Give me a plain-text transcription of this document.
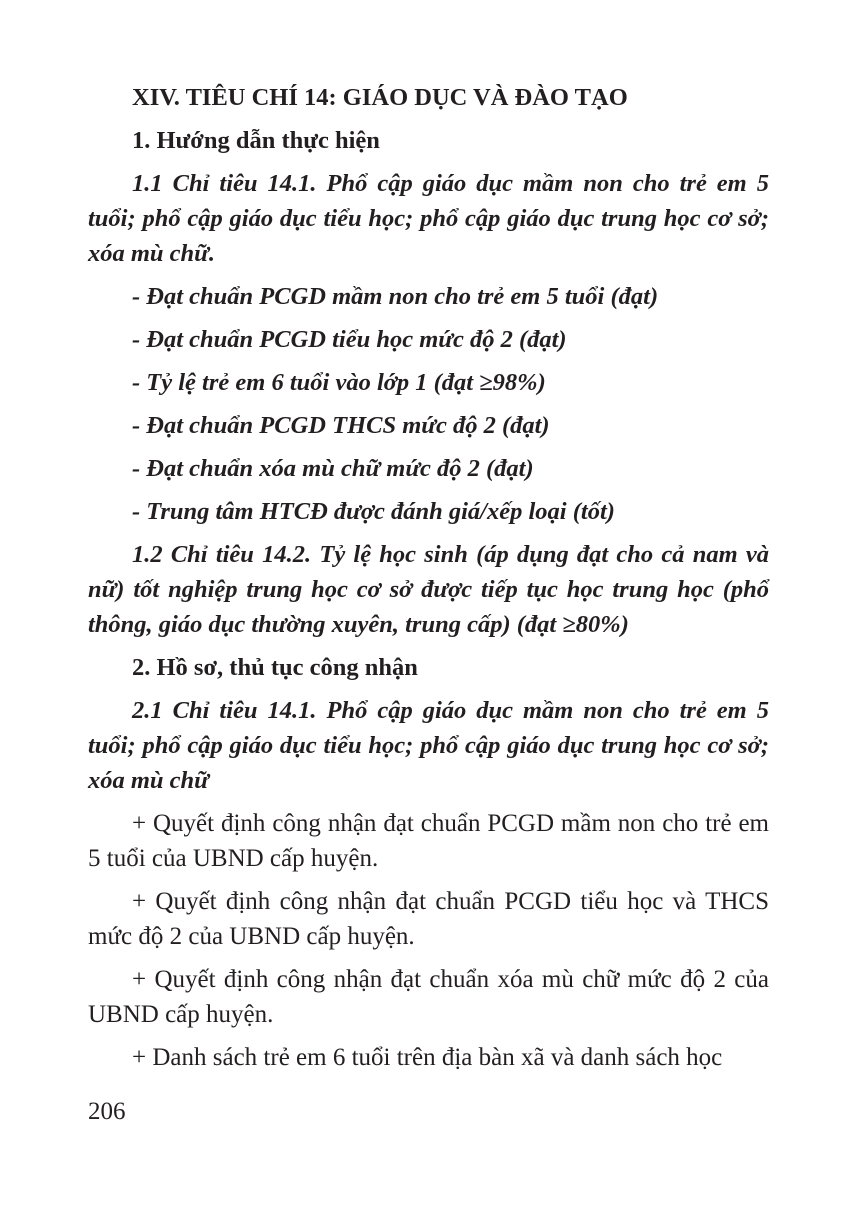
XIV. TIÊU CHÍ 14: GIÁO DỤC VÀ ĐÀO TẠO

1. Hướng dẫn thực hiện

1.1 Chỉ tiêu 14.1. Phổ cập giáo dục mầm non cho trẻ em 5 tuổi; phổ cập giáo dục tiểu học; phổ cập giáo dục trung học cơ sở; xóa mù chữ.

- Đạt chuẩn PCGD mầm non cho trẻ em 5 tuổi (đạt)

- Đạt chuẩn PCGD tiểu học mức độ 2 (đạt)

- Tỷ lệ trẻ em 6 tuổi vào lớp 1 (đạt ≥98%)

- Đạt chuẩn PCGD THCS mức độ 2 (đạt)

- Đạt chuẩn xóa mù chữ mức độ 2 (đạt)

- Trung tâm HTCĐ được đánh giá/xếp loại (tốt)

1.2 Chỉ tiêu 14.2. Tỷ lệ học sinh (áp dụng đạt cho cả nam và nữ) tốt nghiệp trung học cơ sở được tiếp tục học trung học (phổ thông, giáo dục thường xuyên, trung cấp) (đạt ≥80%)

2. Hồ sơ, thủ tục công nhận

2.1 Chỉ tiêu 14.1. Phổ cập giáo dục mầm non cho trẻ em 5 tuổi; phổ cập giáo dục tiểu học; phổ cập giáo dục trung học cơ sở; xóa mù chữ

+ Quyết định công nhận đạt chuẩn PCGD mầm non cho trẻ em 5 tuổi của UBND cấp huyện.

+ Quyết định công nhận đạt chuẩn PCGD tiểu học và THCS mức độ 2 của UBND cấp huyện.

+ Quyết định công nhận đạt chuẩn xóa mù chữ mức độ 2 của UBND cấp huyện.

+ Danh sách trẻ em 6 tuổi trên địa bàn xã và danh sách học

206
